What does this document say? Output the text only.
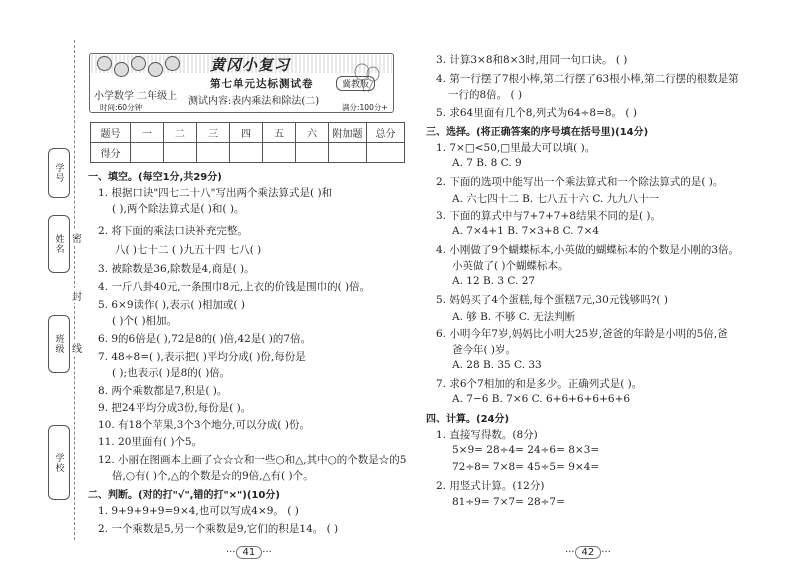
学号
姓名
班级
学校
密
封
线
黄冈小复习
第七单元达标测试卷	冀教版
小学数学 二年级上 测试内容:表内乘法和除法(二)
时间:60分钟	满分:100分+
题号	一	二	三	四	五	六	附加题	总分
得分								
一、填空。(每空1分,共29分)
1. 根据口诀"四七二十八"写出两个乘法算式是( )和
( ),两个除法算式是( )和( )。
2. 将下面的乘法口诀补充完整。
八( )七十二 ( )九五十四 七八( )
3. 被除数是36,除数是4,商是( )。
4. 一斤八卦40元,一条围巾8元,上衣的价钱是围巾的( )倍。
5. 6×9读作( ),表示( )相加或( )
( )个( )相加。
6. 9的6倍是( ),72是8的( )倍,42是( )的7倍。
7. 48÷8=( ),表示把( )平均分成( )份,每份是
( );也表示( )是8的( )倍。
8. 两个乘数都是7,积是( )。
9. 把24平均分成3份,每份是( )。
10. 有18个苹果,3个3个地分,可以分成( )份。
11. 20里面有( )个5。
12. 小丽在图画本上画了☆☆☆和一些○和△,其中○的个数是☆的5
倍,○有( )个,△的个数是☆的9倍,△有( )个。
二、判断。(对的打"√",错的打"×")(10分)
1. 9+9+9+9=9×4,也可以写成4×9。 ( )
2. 一个乘数是5,另一个乘数是9,它们的积是14。 ( )
3. 计算3×8和8×3时,用同一句口诀。 ( )
4. 第一行摆了7根小棒,第二行摆了63根小棒,第二行摆的根数是第
一行的8倍。 ( )
5. 求64里面有几个8,列式为64÷8=8。 ( )
三、选择。(将正确答案的序号填在括号里)(14分)
1. 7×□<50,□里最大可以填( )。
A. 7 B. 8 C. 9
2. 下面的选项中能写出一个乘法算式和一个除法算式的是( )。
A. 六七四十二 B. 七八五十六 C. 九九八十一
3. 下面的算式中与7+7+7+8结果不同的是( )。
A. 7×4+1 B. 7×3+8 C. 7×4
4. 小刚做了9个蝴蝶标本,小英做的蝴蝶标本的个数是小刚的3倍。
小英做了( )个蝴蝶标本。
A. 12 B. 3 C. 27
5. 妈妈买了4个蛋糕,每个蛋糕7元,30元钱够吗?( )
A. 够 B. 不够 C. 无法判断
6. 小明今年7岁,妈妈比小明大25岁,爸爸的年龄是小明的5倍,爸
爸今年( )岁。
A. 28 B. 35 C. 33
7. 求6个7相加的和是多少。正确列式是( )。
A. 7−6 B. 7×6 C. 6+6+6+6+6+6
四、计算。(24分)
1. 直接写得数。(8分)
5×9= 28÷4= 24÷6= 8×3=
72÷8= 7×8= 45÷5= 9×4=
2. 用竖式计算。(12分)
81÷9= 7×7= 28÷7=
··· 41 ···	··· 42 ···
